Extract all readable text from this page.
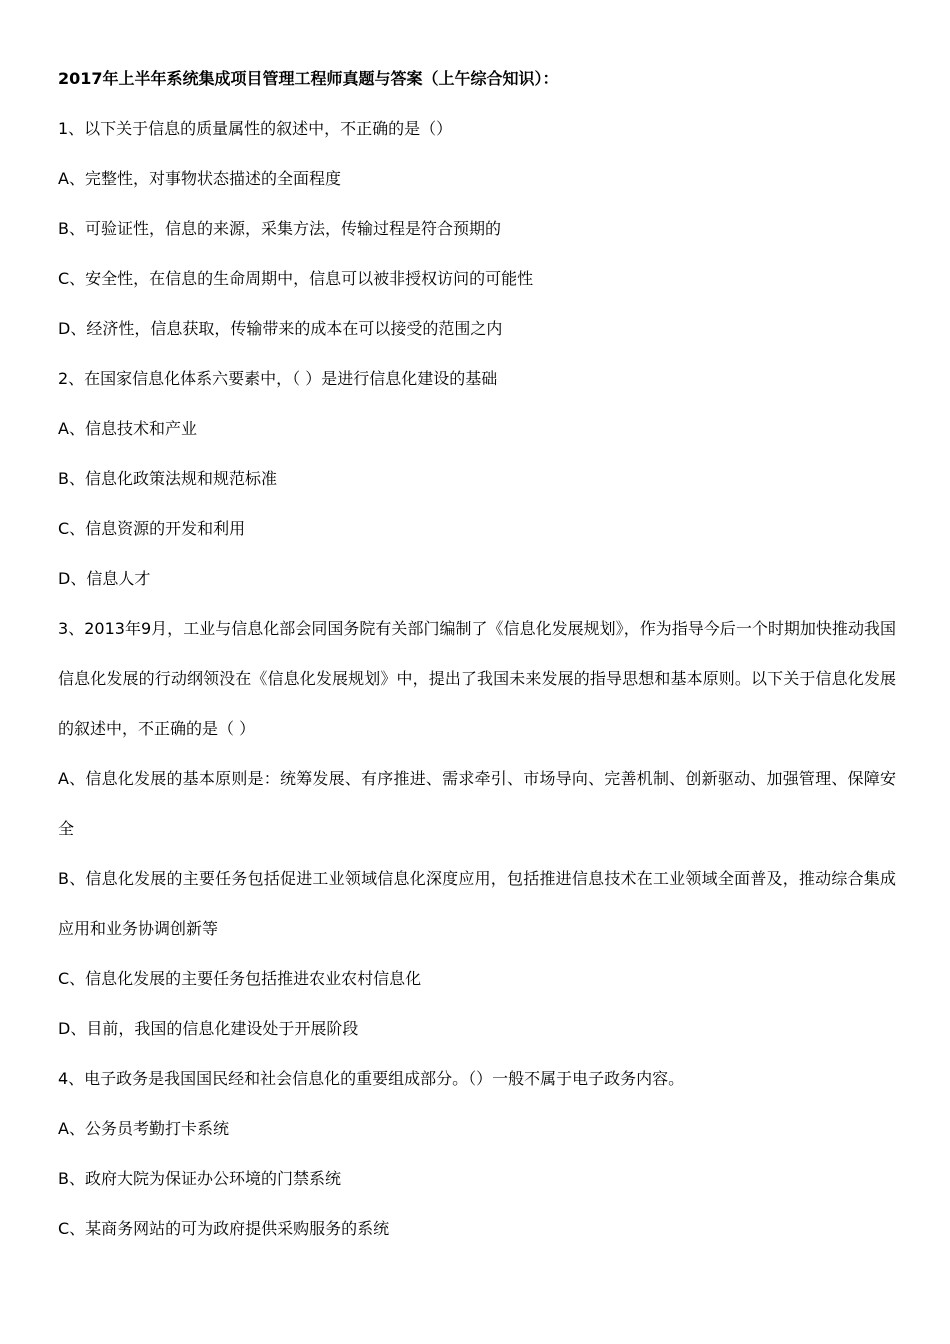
2017年上半年系统集成项目管理工程师真题与答案（上午综合知识）：
1、以下关于信息的质量属性的叙述中，不正确的是（）
A、完整性，对事物状态描述的全面程度
B、可验证性，信息的来源，采集方法，传输过程是符合预期的
C、安全性，在信息的生命周期中，信息可以被非授权访问的可能性
D、经济性，信息获取，传输带来的成本在可以接受的范围之内
2、在国家信息化体系六要素中，（ ）是进行信息化建设的基础
A、信息技术和产业
B、信息化政策法规和规范标准
C、信息资源的开发和利用
D、信息人才
3、2013年9月，工业与信息化部会同国务院有关部门编制了《信息化发展规划》，作为指导今后一个时期加快推动我国信息化发展的行动纲领没在《信息化发展规划》中，提出了我国未来发展的指导思想和基本原则。以下关于信息化发展的叙述中，不正确的是（ ）
A、信息化发展的基本原则是：统筹发展、有序推进、需求牵引、市场导向、完善机制、创新驱动、加强管理、保障安全
B、信息化发展的主要任务包括促进工业领域信息化深度应用，包括推进信息技术在工业领域全面普及，推动综合集成应用和业务协调创新等
C、信息化发展的主要任务包括推进农业农村信息化
D、目前，我国的信息化建设处于开展阶段
4、电子政务是我国国民经和社会信息化的重要组成部分。（）一般不属于电子政务内容。
A、公务员考勤打卡系统
B、政府大院为保证办公环境的门禁系统
C、某商务网站的可为政府提供采购服务的系统
